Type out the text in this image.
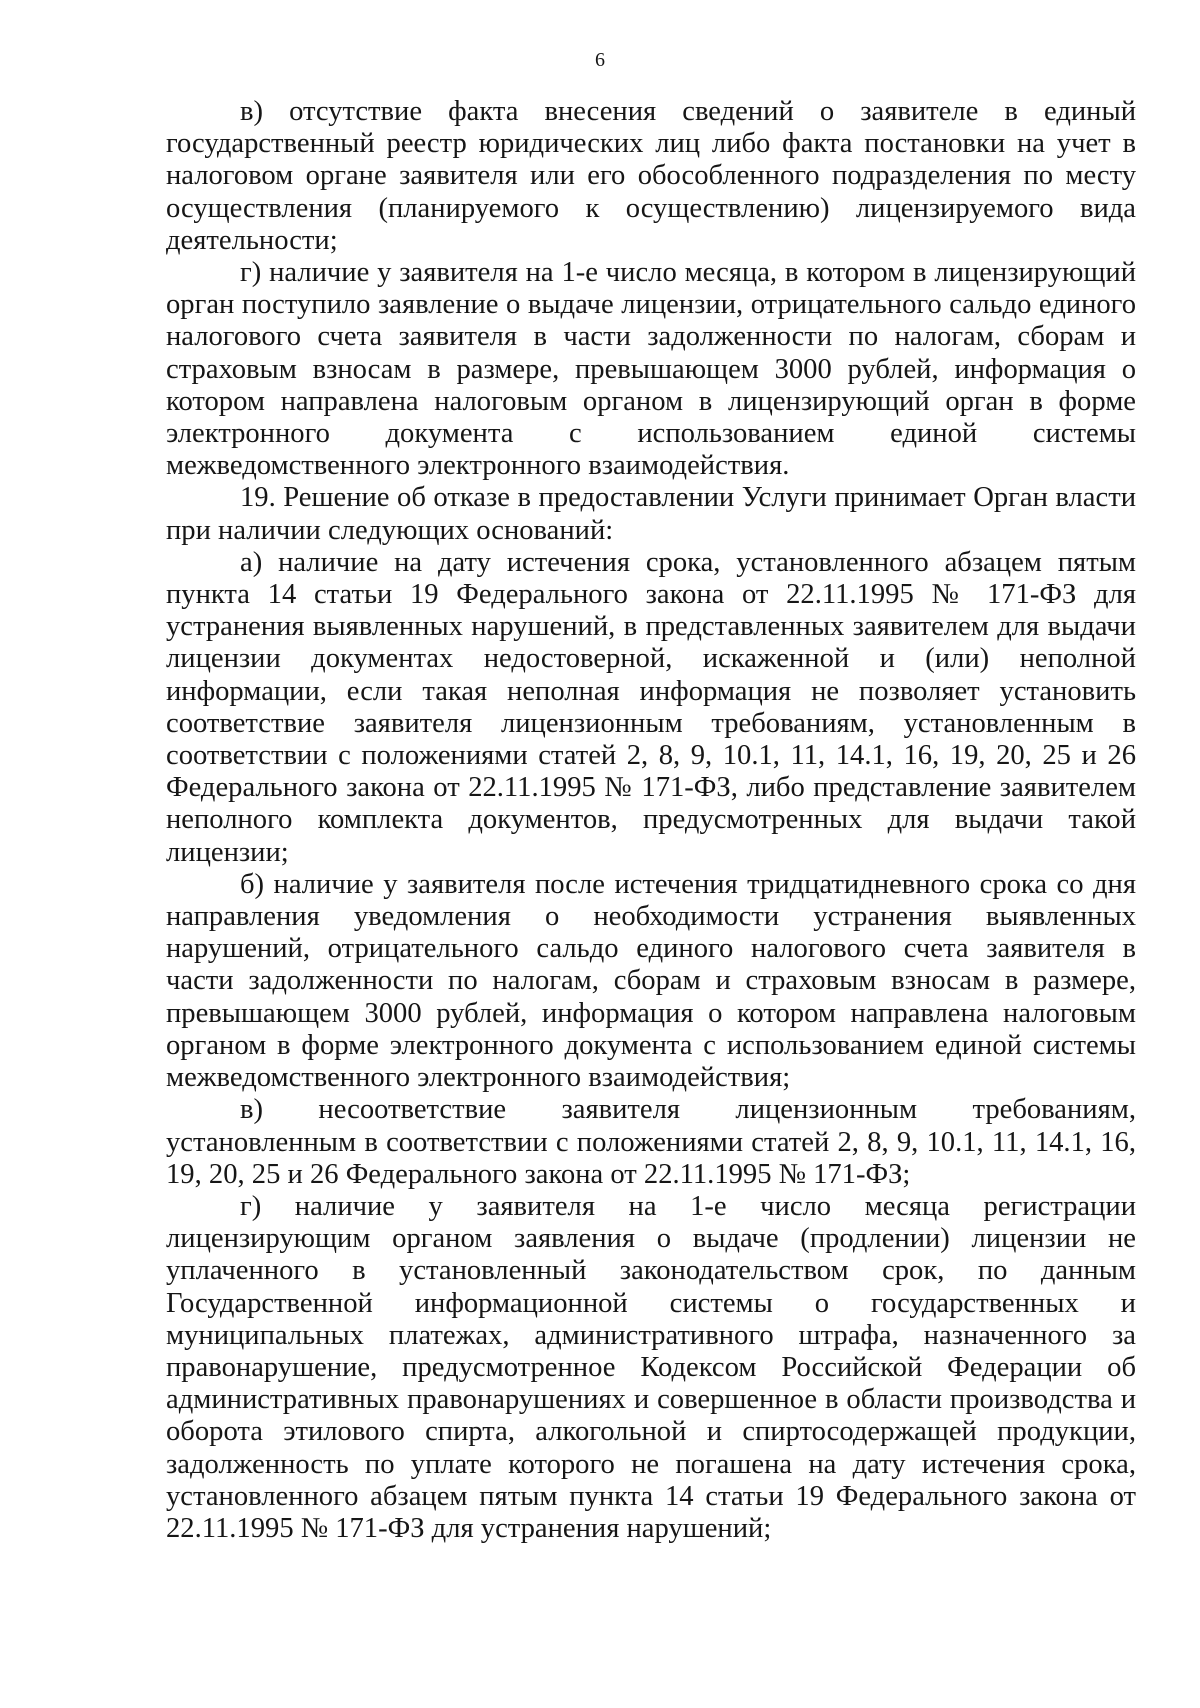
6

в) отсутствие факта внесения сведений о заявителе в единый государственный реестр юридических лиц либо факта постановки на учет в налоговом органе заявителя или его обособленного подразделения по месту осуществления (планируемого к осуществлению) лицензируемого вида деятельности;

г) наличие у заявителя на 1-е число месяца, в котором в лицензирующий орган поступило заявление о выдаче лицензии, отрицательного сальдо единого налогового счета заявителя в части задолженности по налогам, сборам и страховым взносам в размере, превышающем 3000 рублей, информация о котором направлена налоговым органом в лицензирующий орган в форме электронного документа с использованием единой системы межведомственного электронного взаимодействия.

19. Решение об отказе в предоставлении Услуги принимает Орган власти при наличии следующих оснований:

а) наличие на дату истечения срока, установленного абзацем пятым пункта 14 статьи 19 Федерального закона от 22.11.1995 № 171-ФЗ для устранения выявленных нарушений, в представленных заявителем для выдачи лицензии документах недостоверной, искаженной и (или) неполной информации, если такая неполная информация не позволяет установить соответствие заявителя лицензионным требованиям, установленным в соответствии с положениями статей 2, 8, 9, 10.1, 11, 14.1, 16, 19, 20, 25 и 26 Федерального закона от 22.11.1995 № 171-ФЗ, либо представление заявителем неполного комплекта документов, предусмотренных для выдачи такой лицензии;

б) наличие у заявителя после истечения тридцатидневного срока со дня направления уведомления о необходимости устранения выявленных нарушений, отрицательного сальдо единого налогового счета заявителя в части задолженности по налогам, сборам и страховым взносам в размере, превышающем 3000 рублей, информация о котором направлена налоговым органом в форме электронного документа с использованием единой системы межведомственного электронного взаимодействия;

в) несоответствие заявителя лицензионным требованиям, установленным в соответствии с положениями статей 2, 8, 9, 10.1, 11, 14.1, 16, 19, 20, 25 и 26 Федерального закона от 22.11.1995 № 171-ФЗ;

г) наличие у заявителя на 1-е число месяца регистрации лицензирующим органом заявления о выдаче (продлении) лицензии не уплаченного в установленный законодательством срок, по данным Государственной информационной системы о государственных и муниципальных платежах, административного штрафа, назначенного за правонарушение, предусмотренное Кодексом Российской Федерации об административных правонарушениях и совершенное в области производства и оборота этилового спирта, алкогольной и спиртосодержащей продукции, задолженность по уплате которого не погашена на дату истечения срока, установленного абзацем пятым пункта 14 статьи 19 Федерального закона от 22.11.1995 № 171-ФЗ для устранения нарушений;
